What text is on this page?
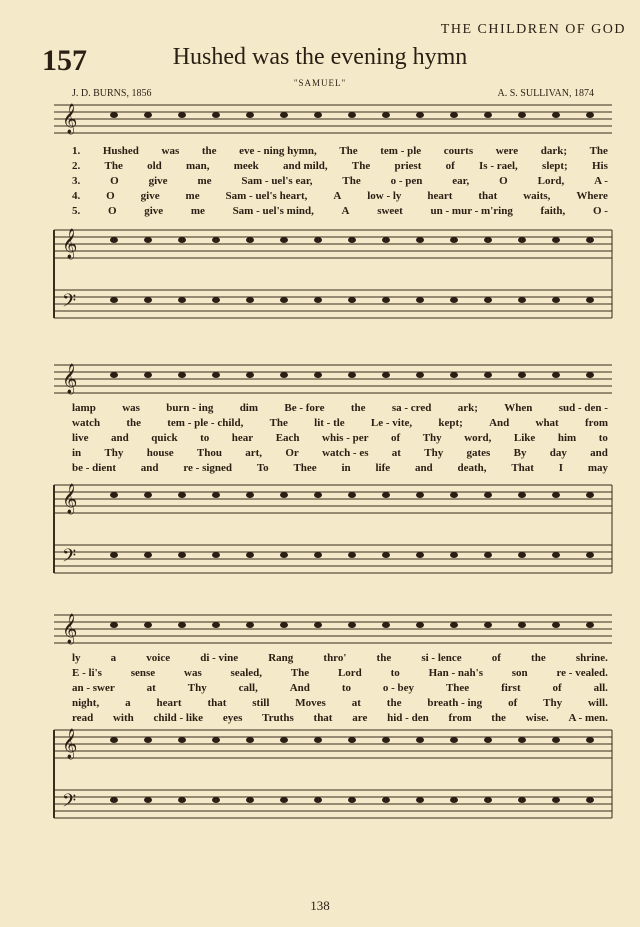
THE CHILDREN OF GOD
157	Hushed was the evening hymn
"SAMUEL"
J. D. BURNS, 1856	A. S. SULLIVAN, 1874
𝄞
𝄞
𝄢
𝄞
𝄞
𝄢
𝄞
𝄞
𝄢
1. Hushed was the eve - ning hymn, The tem - ple courts were dark; The
2. The old man, meek and mild, The priest of Is - rael, slept; His
3.	O	give	me	Sam - uel's ear,	The	o - pen	ear,	O	Lord,	A -
4. O give me Sam - uel's heart, A low - ly heart that waits, Where
5.	O	give	me	Sam - uel's mind,	A	sweet	un - mur - m'ring	faith,	O -
lamp was burn - ing dim Be - fore the sa - cred ark; When sud - den -
watch the tem - ple - child, The lit - tle Le - vite, kept; And what from
live and quick to hear Each whis - per of Thy word, Like him to
in Thy house Thou art, Or watch - es at Thy gates By day and
be - dient and re - signed To Thee in life and death, That I may
ly	a	voice	di - vine	Rang	thro'	the	si - lence	of	the	shrine.
E - li's	sense	was	sealed,	The	Lord	to	Han - nah's	son	re - vealed.
an - swer	at	Thy	call,	And	to	o - bey	Thee	first	of	all.
night, a heart that still Moves at the breath - ing of Thy will.
read with child - like eyes Truths that are hid - den from the wise. A - men.
138
